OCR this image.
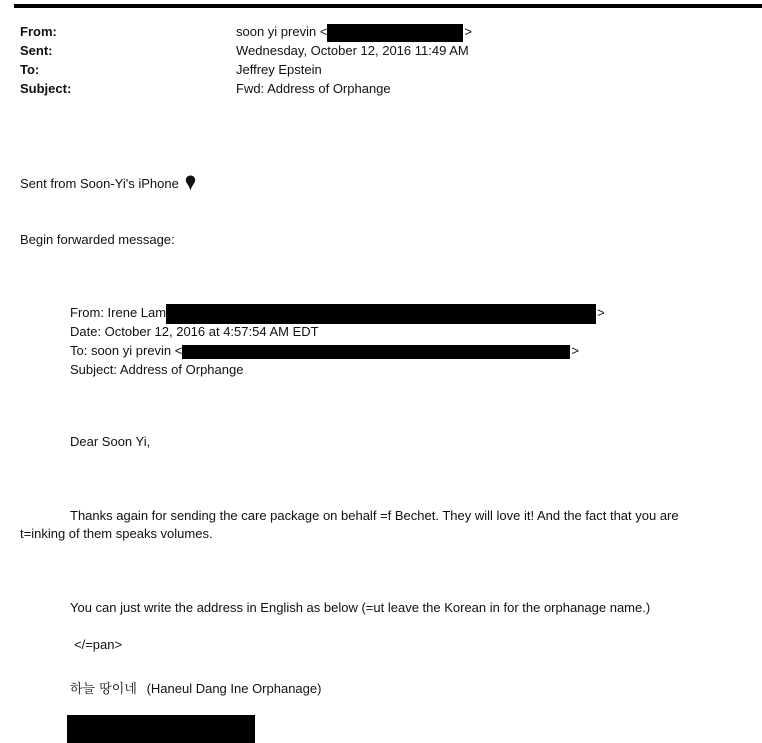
From:	soon yi previn <	>
Sent:	Wednesday, October 12, 2016 11:49 AM
To:	Jeffrey Epstein
Subject:	Fwd: Address of Orphange
Sent from Soon-Yi's iPhone
Begin forwarded message:
From: Irene Lam	>
Date: October 12, 2016 at 4:57:54 AM EDT
To: soon yi previn <	>
Subject: Address of Orphange
Dear Soon Yi,
Thanks again for sending the care package on behalf =f Bechet. They will love it! And the fact that you are
t=inking of them speaks volumes.
You can just write the address in English as below (=ut leave the Korean in for the orphanage name.)
</=pan>
하늘 땅이네 (Haneul Dang Ine Orphanage)
